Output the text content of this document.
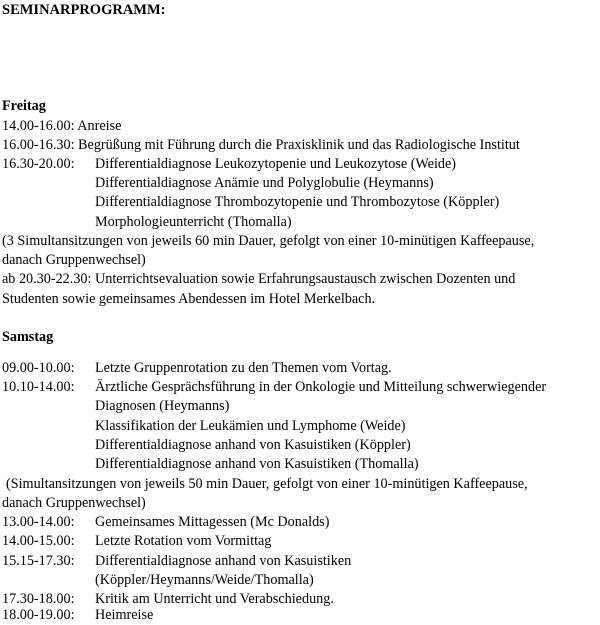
SEMINARPROGRAMM:
Freitag
14.00-16.00: Anreise
16.00-16.30: Begrüßung mit Führung durch die Praxisklinik und das Radiologische Institut
16.30-20.00: Differentialdiagnose Leukozytopenie und Leukozytose (Weide)
Differentialdiagnose Anämie und Polyglobulie (Heymanns)
Differentialdiagnose Thrombozytopenie und Thrombozytose (Köppler)
Morphologieunterricht (Thomalla)
(3 Simultansitzungen von jeweils 60 min Dauer, gefolgt von einer 10-minütigen Kaffeepause,
danach Gruppenwechsel)
ab 20.30-22.30: Unterrichtsevaluation sowie Erfahrungsaustausch zwischen Dozenten und
Studenten sowie gemeinsames Abendessen im Hotel Merkelbach.
Samstag
09.00-10.00: Letzte Gruppenrotation zu den Themen vom Vortag.
10.10-14.00: Ärztliche Gesprächsführung in der Onkologie und Mitteilung schwerwiegender
Diagnosen (Heymanns)
Klassifikation der Leukämien und Lymphome (Weide)
Differentialdiagnose anhand von Kasuistiken (Köppler)
Differentialdiagnose anhand von Kasuistiken (Thomalla)
(Simultansitzungen von jeweils 50 min Dauer, gefolgt von einer 10-minütigen Kaffeepause,
danach Gruppenwechsel)
13.00-14.00: Gemeinsames Mittagessen (Mc Donalds)
14.00-15.00: Letzte Rotation vom Vormittag
15.15-17.30: Differentialdiagnose anhand von Kasuistiken
(Köppler/Heymanns/Weide/Thomalla)
17.30-18.00: Kritik am Unterricht und Verabschiedung.
18.00-19.00: Heimreise
